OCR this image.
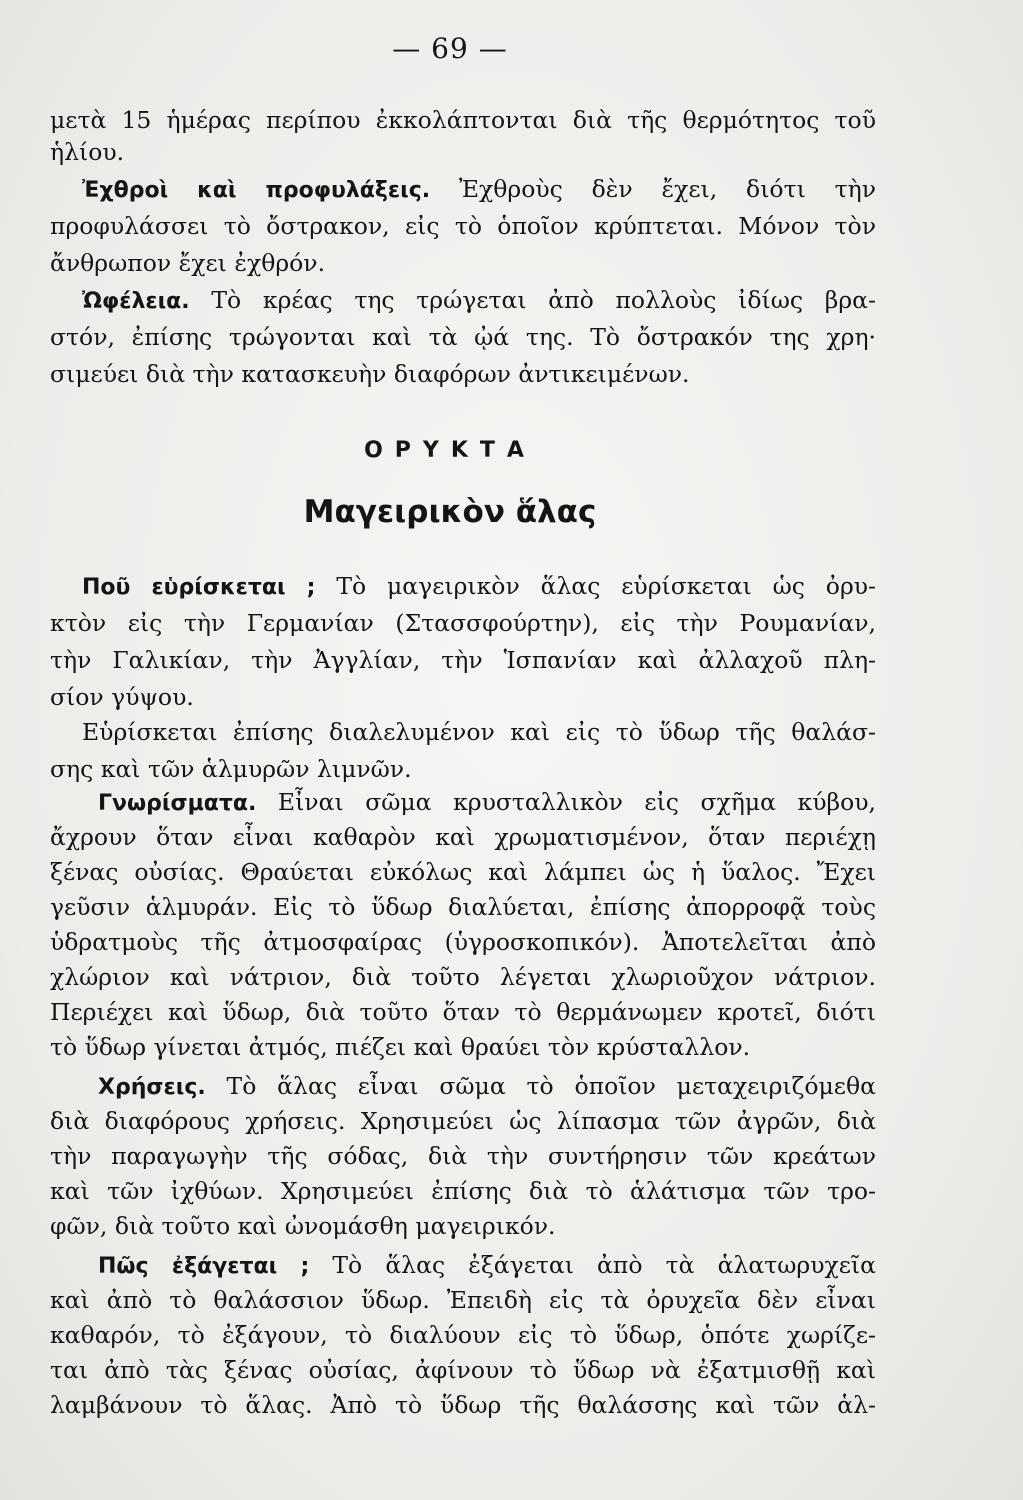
— 69 —
μετὰ 15 ἡμέρας περίπου ἐκκολάπτονται διὰ τῆς θερμότητος τοῦ
ἡλίου.
Ἐχθροὶ καὶ προφυλάξεις. Ἐχθροὺς δὲν ἔχει, διότι τὴν
προφυλάσσει τὸ ὄστρακον, εἰς τὸ ὁποῖον κρύπτεται. Μόνον τὸν
ἄνθρωπον ἔχει ἐχθρόν.
Ὠφέλεια. Τὸ κρέας της τρώγεται ἀπὸ πολλοὺς ἰδίως βρα-
στόν, ἐπίσης τρώγονται καὶ τὰ ᾠά της. Τὸ ὄστρακόν της χρη·
σιμεύει διὰ τὴν κατασκευὴν διαφόρων ἀντικειμένων.
ΟΡΥΚΤΑ
Μαγειρικὸν ἅλας
Ποῦ εὑρίσκεται ; Τὸ μαγειρικὸν ἅλας εὑρίσκεται ὡς ὀρυ-
κτὸν εἰς τὴν Γερμανίαν (Στασσφούρτην), εἰς τὴν Ρουμανίαν,
τὴν Γαλικίαν, τὴν Ἀγγλίαν, τὴν Ἱσπανίαν καὶ ἀλλαχοῦ πλη-
σίον γύψου.
Εὑρίσκεται ἐπίσης διαλελυμένον καὶ εἰς τὸ ὕδωρ τῆς θαλάσ-
σης καὶ τῶν ἁλμυρῶν λιμνῶν.
Γνωρίσματα. Εἶναι σῶμα κρυσταλλικὸν εἰς σχῆμα κύβου,
ἄχρουν ὅταν εἶναι καθαρὸν καὶ χρωματισμένον, ὅταν περιέχῃ
ξένας οὐσίας. Θραύεται εὐκόλως καὶ λάμπει ὡς ἡ ὕαλος. Ἔχει
γεῦσιν ἁλμυράν. Εἰς τὸ ὕδωρ διαλύεται, ἐπίσης ἀπορροφᾷ τοὺς
ὑδρατμοὺς τῆς ἀτμοσφαίρας (ὑγροσκοπικόν). Ἀποτελεῖται ἀπὸ
χλώριον καὶ νάτριον, διὰ τοῦτο λέγεται χλωριοῦχον νάτριον.
Περιέχει καὶ ὕδωρ, διὰ τοῦτο ὅταν τὸ θερμάνωμεν κροτεῖ, διότι
τὸ ὕδωρ γίνεται ἀτμός, πιέζει καὶ θραύει τὸν κρύσταλλον.
Χρήσεις. Τὸ ἅλας εἶναι σῶμα τὸ ὁποῖον μεταχειριζόμεθα
διὰ διαφόρους χρήσεις. Χρησιμεύει ὡς λίπασμα τῶν ἀγρῶν, διὰ
τὴν παραγωγὴν τῆς σόδας, διὰ τὴν συντήρησιν τῶν κρεάτων
καὶ τῶν ἰχθύων. Χρησιμεύει ἐπίσης διὰ τὸ ἁλάτισμα τῶν τρο-
φῶν, διὰ τοῦτο καὶ ὠνομάσθη μαγειρικόν.
Πῶς ἐξάγεται ; Τὸ ἅλας ἐξάγεται ἀπὸ τὰ ἁλατωρυχεῖα
καὶ ἀπὸ τὸ θαλάσσιον ὕδωρ. Ἐπειδὴ εἰς τὰ ὀρυχεῖα δὲν εἶναι
καθαρόν, τὸ ἐξάγουν, τὸ διαλύουν εἰς τὸ ὕδωρ, ὁπότε χωρίζε-
ται ἀπὸ τὰς ξένας οὐσίας, ἀφίνουν τὸ ὕδωρ νὰ ἐξατμισθῇ καὶ
λαμβάνουν τὸ ἅλας. Ἀπὸ τὸ ὕδωρ τῆς θαλάσσης καὶ τῶν ἁλ-
